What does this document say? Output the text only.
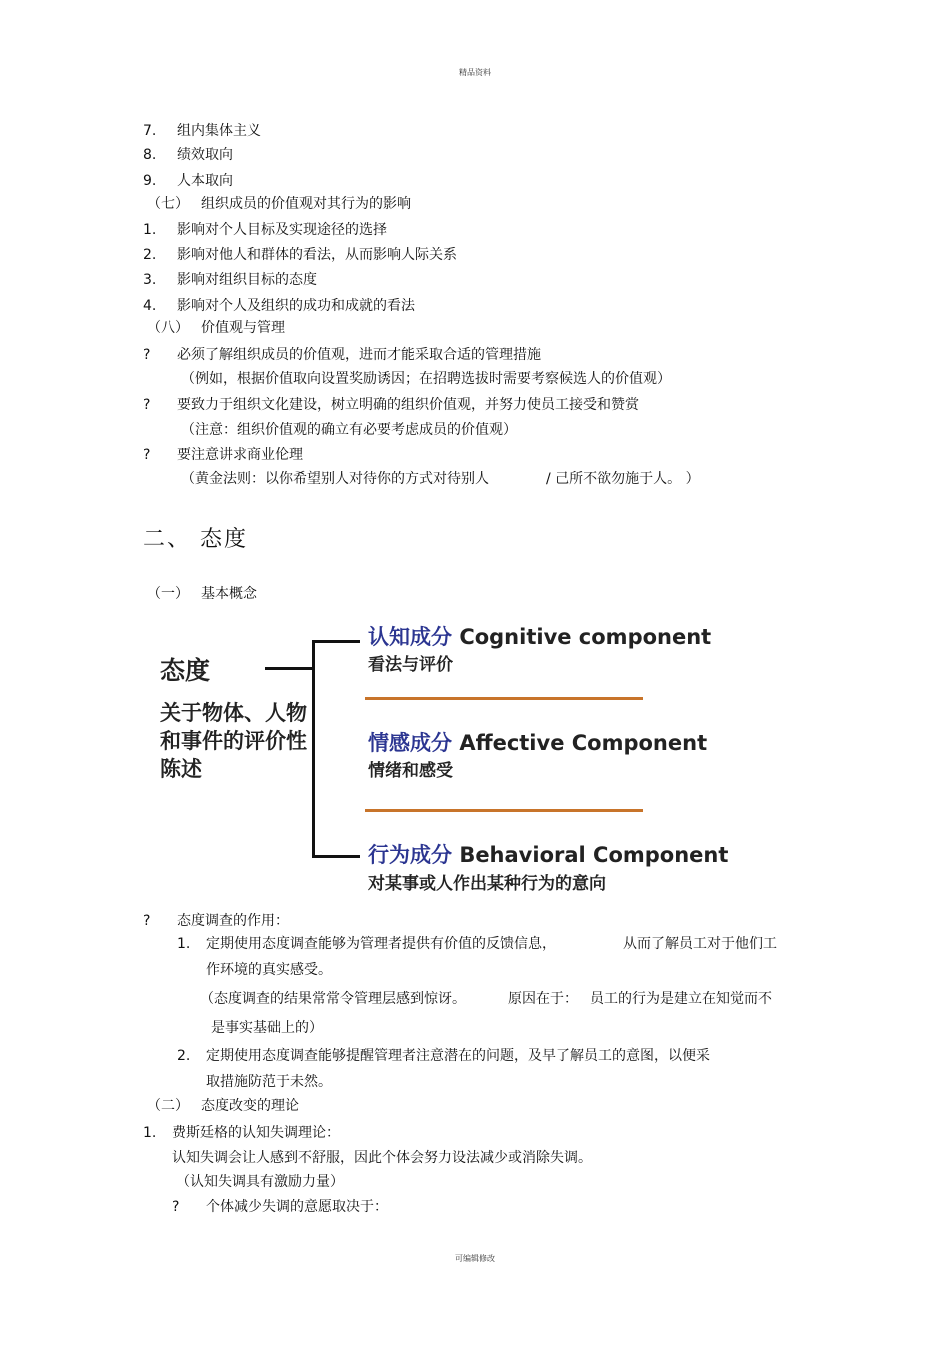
精品资料
7. 组内集体主义
8. 绩效取向
9. 人本取向
（七） 组织成员的价值观对其行为的影响
1. 影响对个人目标及实现途径的选择
2. 影响对他人和群体的看法，从而影响人际关系
3. 影响对组织目标的态度
4. 影响对个人及组织的成功和成就的看法
（八） 价值观与管理
? 必须了解组织成员的价值观，进而才能采取合适的管理措施
（例如，根据价值取向设置奖励诱因；在招聘选拔时需要考察候选人的价值观）
? 要致力于组织文化建设，树立明确的组织价值观，并努力使员工接受和赞赏
（注意：组织价值观的确立有必要考虑成员的价值观）
? 要注意讲求商业伦理
（黄金法则：以你希望别人对待你的方式对待别人	/ 己所不欲勿施于人。 ）
二、 态度
（一） 基本概念
态度
关于物体、人物和事件的评价性陈述
认知成分 Cognitive component
看法与评价
情感成分 Affective Component
情绪和感受
行为成分 Behavioral Component
对某事或人作出某种行为的意向
? 态度调查的作用：
1. 定期使用态度调查能够为管理者提供有价值的反馈信息，	从而了解员工对于他们工
作环境的真实感受。
（态度调查的结果常常令管理层感到惊讶。	原因在于： 员工的行为是建立在知觉而不
是事实基础上的）
2. 定期使用态度调查能够提醒管理者注意潜在的问题，及早了解员工的意图，以便采
取措施防范于未然。
（二） 态度改变的理论
1. 费斯廷格的认知失调理论：
认知失调会让人感到不舒服，因此个体会努力设法减少或消除失调。
（认知失调具有激励力量）
? 个体减少失调的意愿取决于：
可编辑修改
